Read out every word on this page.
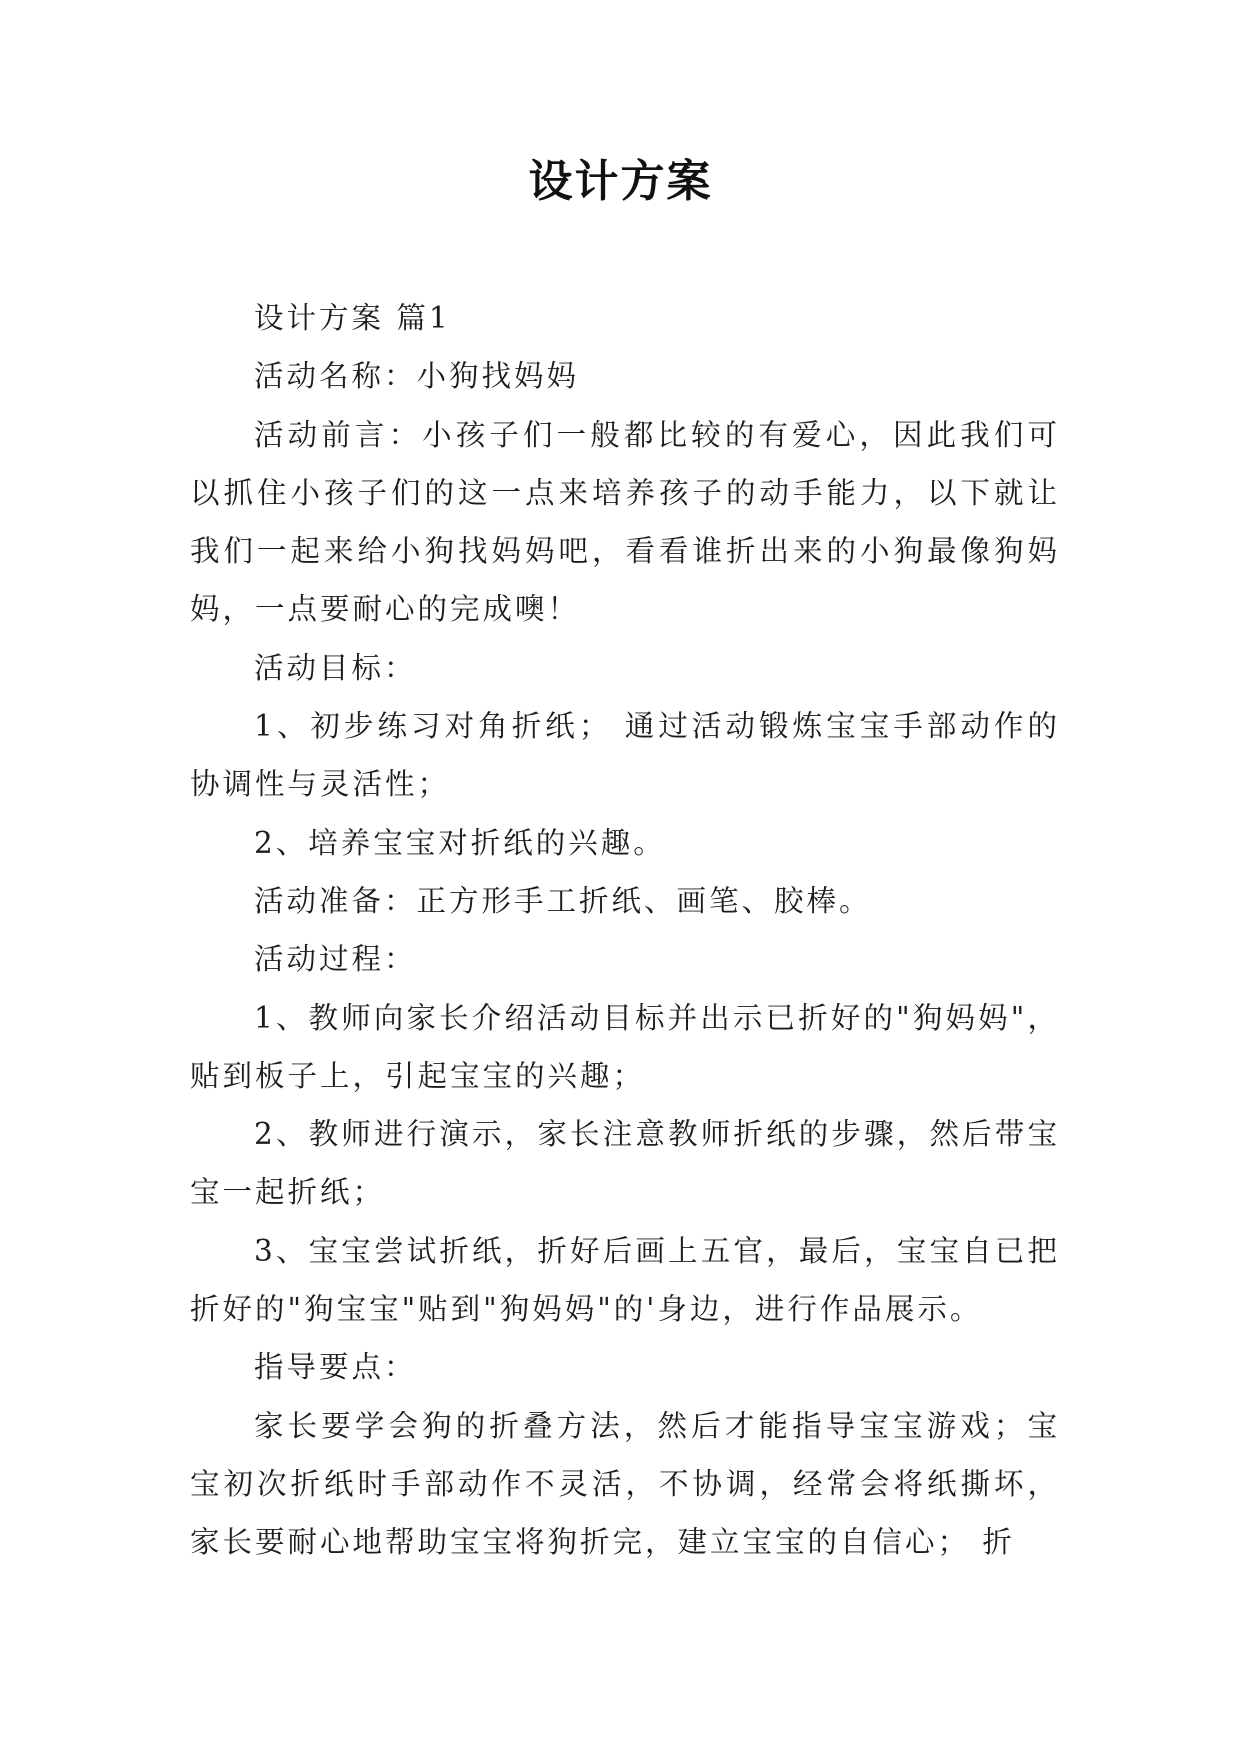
设计方案

设计方案 篇1

活动名称：小狗找妈妈

活动前言：小孩子们一般都比较的有爱心，因此我们可以抓住小孩子们的这一点来培养孩子的动手能力，以下就让我们一起来给小狗找妈妈吧，看看谁折出来的小狗最像狗妈妈，一点要耐心的完成噢！

活动目标：

1、初步练习对角折纸； 通过活动锻炼宝宝手部动作的协调性与灵活性；

2、培养宝宝对折纸的兴趣。

活动准备：正方形手工折纸、画笔、胶棒。

活动过程：

1、教师向家长介绍活动目标并出示已折好的"狗妈妈"，贴到板子上，引起宝宝的兴趣；

2、教师进行演示，家长注意教师折纸的步骤，然后带宝宝一起折纸；

3、宝宝尝试折纸，折好后画上五官，最后，宝宝自已把折好的"狗宝宝"贴到"狗妈妈"的'身边，进行作品展示。

指导要点：

家长要学会狗的折叠方法，然后才能指导宝宝游戏；宝宝初次折纸时手部动作不灵活，不协调，经常会将纸撕坏，家长要耐心地帮助宝宝将狗折完，建立宝宝的自信心； 折
